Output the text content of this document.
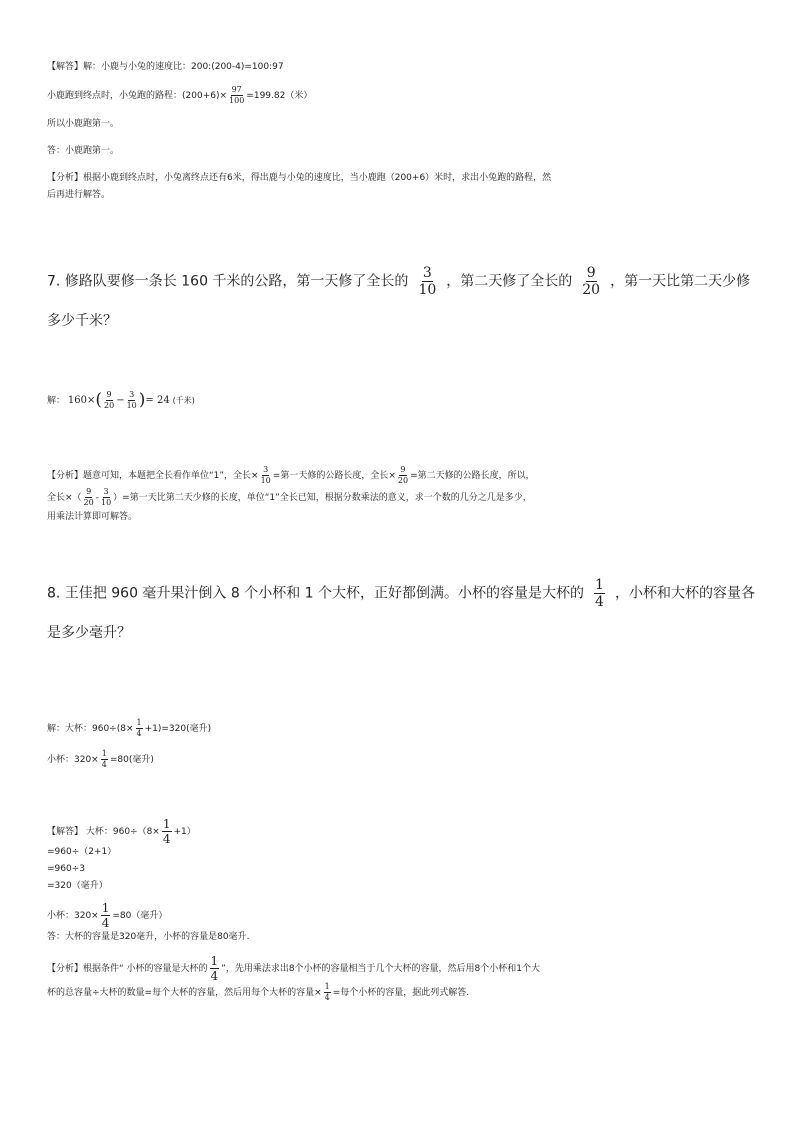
【解答】解：小鹿与小兔的速度比：200:(200-4)=100:97
小鹿跑到终点时，小兔跑的路程：$(200+6)\times \frac{97}{100} =199.82$（米）
所以小鹿跑第一。
答：小鹿跑第一。
【分析】根据小鹿到终点时，小兔离终点还有6米，得出鹿与小兔的速度比，当小鹿跑（200+6）米时，求出小兔跑的路程，然
后再进行解答。
7. 修路队要修一条长 160 千米的公路，第一天修了全长的 $\frac{3}{10}$ ，第二天修了全长的 $\frac{9}{20}$ ，第一天比第二天少修
多少千米？
解： $160\times( \frac{9}{20} - \frac{3}{10}$ )= 24 (千米)
【分析】题意可知，本题把全长看作单位“1”，全长× $\frac{3}{10}$ =第一天修的公路长度，全长× $\frac{9}{20}$ =第二天修的公路长度，所以，
全长×（ $\frac{9}{20} - \frac{3}{10}$ ）=第一天比第二天少修的长度，单位“1”全长已知，根据分数乘法的意义，求一个数的几分之几是多少，
用乘法计算即可解答。
8. 王佳把 960 毫升果汁倒入 8 个小杯和 1 个大杯，正好都倒满。小杯的容量是大杯的 $\frac{1}{4}$ ，小杯和大杯的容量各
是多少毫升？
解：大杯：$960\div(8\times \frac{1}{4} +1)=320$(毫升)
小杯：$320\times \frac{1}{4} =80$(毫升)
【解答】 大杯：$960\div(8\times \frac{1}{4} +1)$
=960÷（2+1）
=960÷3
=320（毫升）
小杯：$320\times \frac{1}{4} =80$（毫升）
答：大杯的容量是320毫升，小杯的容量是80毫升.
【分析】根据条件“ 小杯的容量是大杯的 $\frac{1}{4}$ ”，先用乘法求出8个小杯的容量相当于几个大杯的容量，然后用8个小杯和1个大
杯的总容量÷大杯的数量=每个大杯的容量，然后用每个大杯的容量× $\frac{1}{4}$ =每个小杯的容量，据此列式解答.
